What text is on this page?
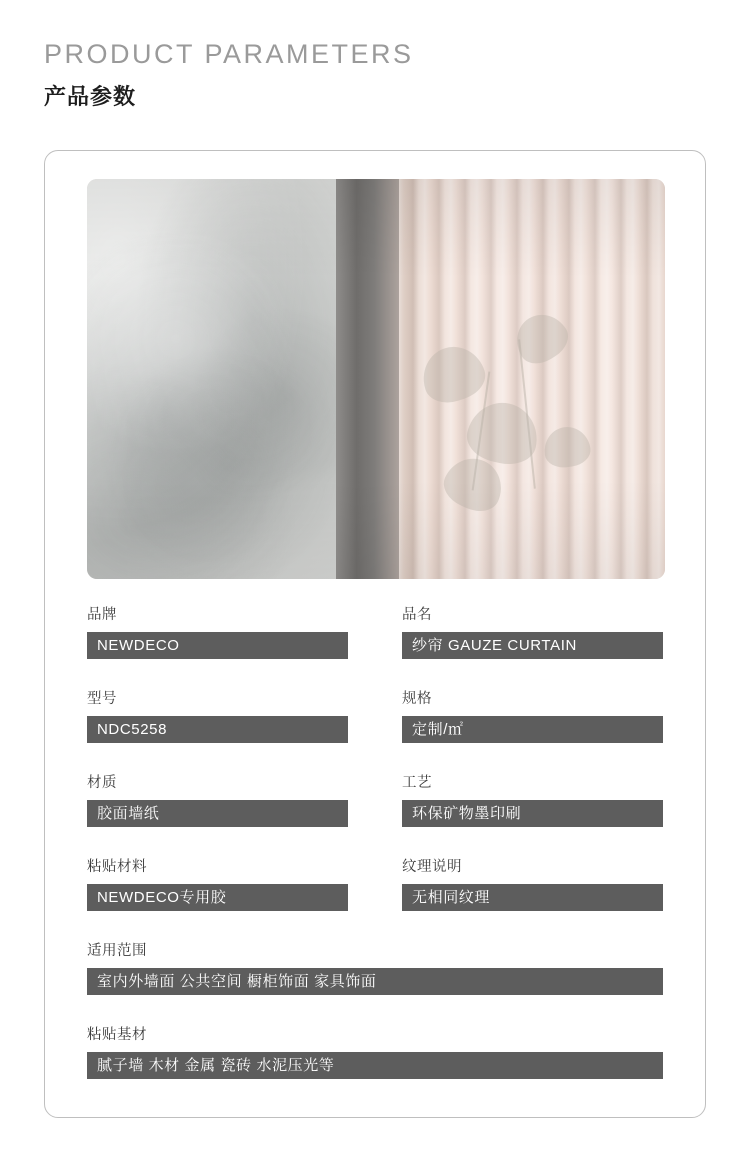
PRODUCT PARAMETERS
产品参数
品牌
NEWDECO
品名
纱帘 GAUZE CURTAIN
型号
NDC5258
规格
定制/㎡
材质
胶面墙纸
工艺
环保矿物墨印刷
粘贴材料
NEWDECO专用胶
纹理说明
无相同纹理
适用范围
室内外墙面 公共空间 橱柜饰面 家具饰面
粘贴基材
腻子墙 木材 金属 瓷砖 水泥压光等
